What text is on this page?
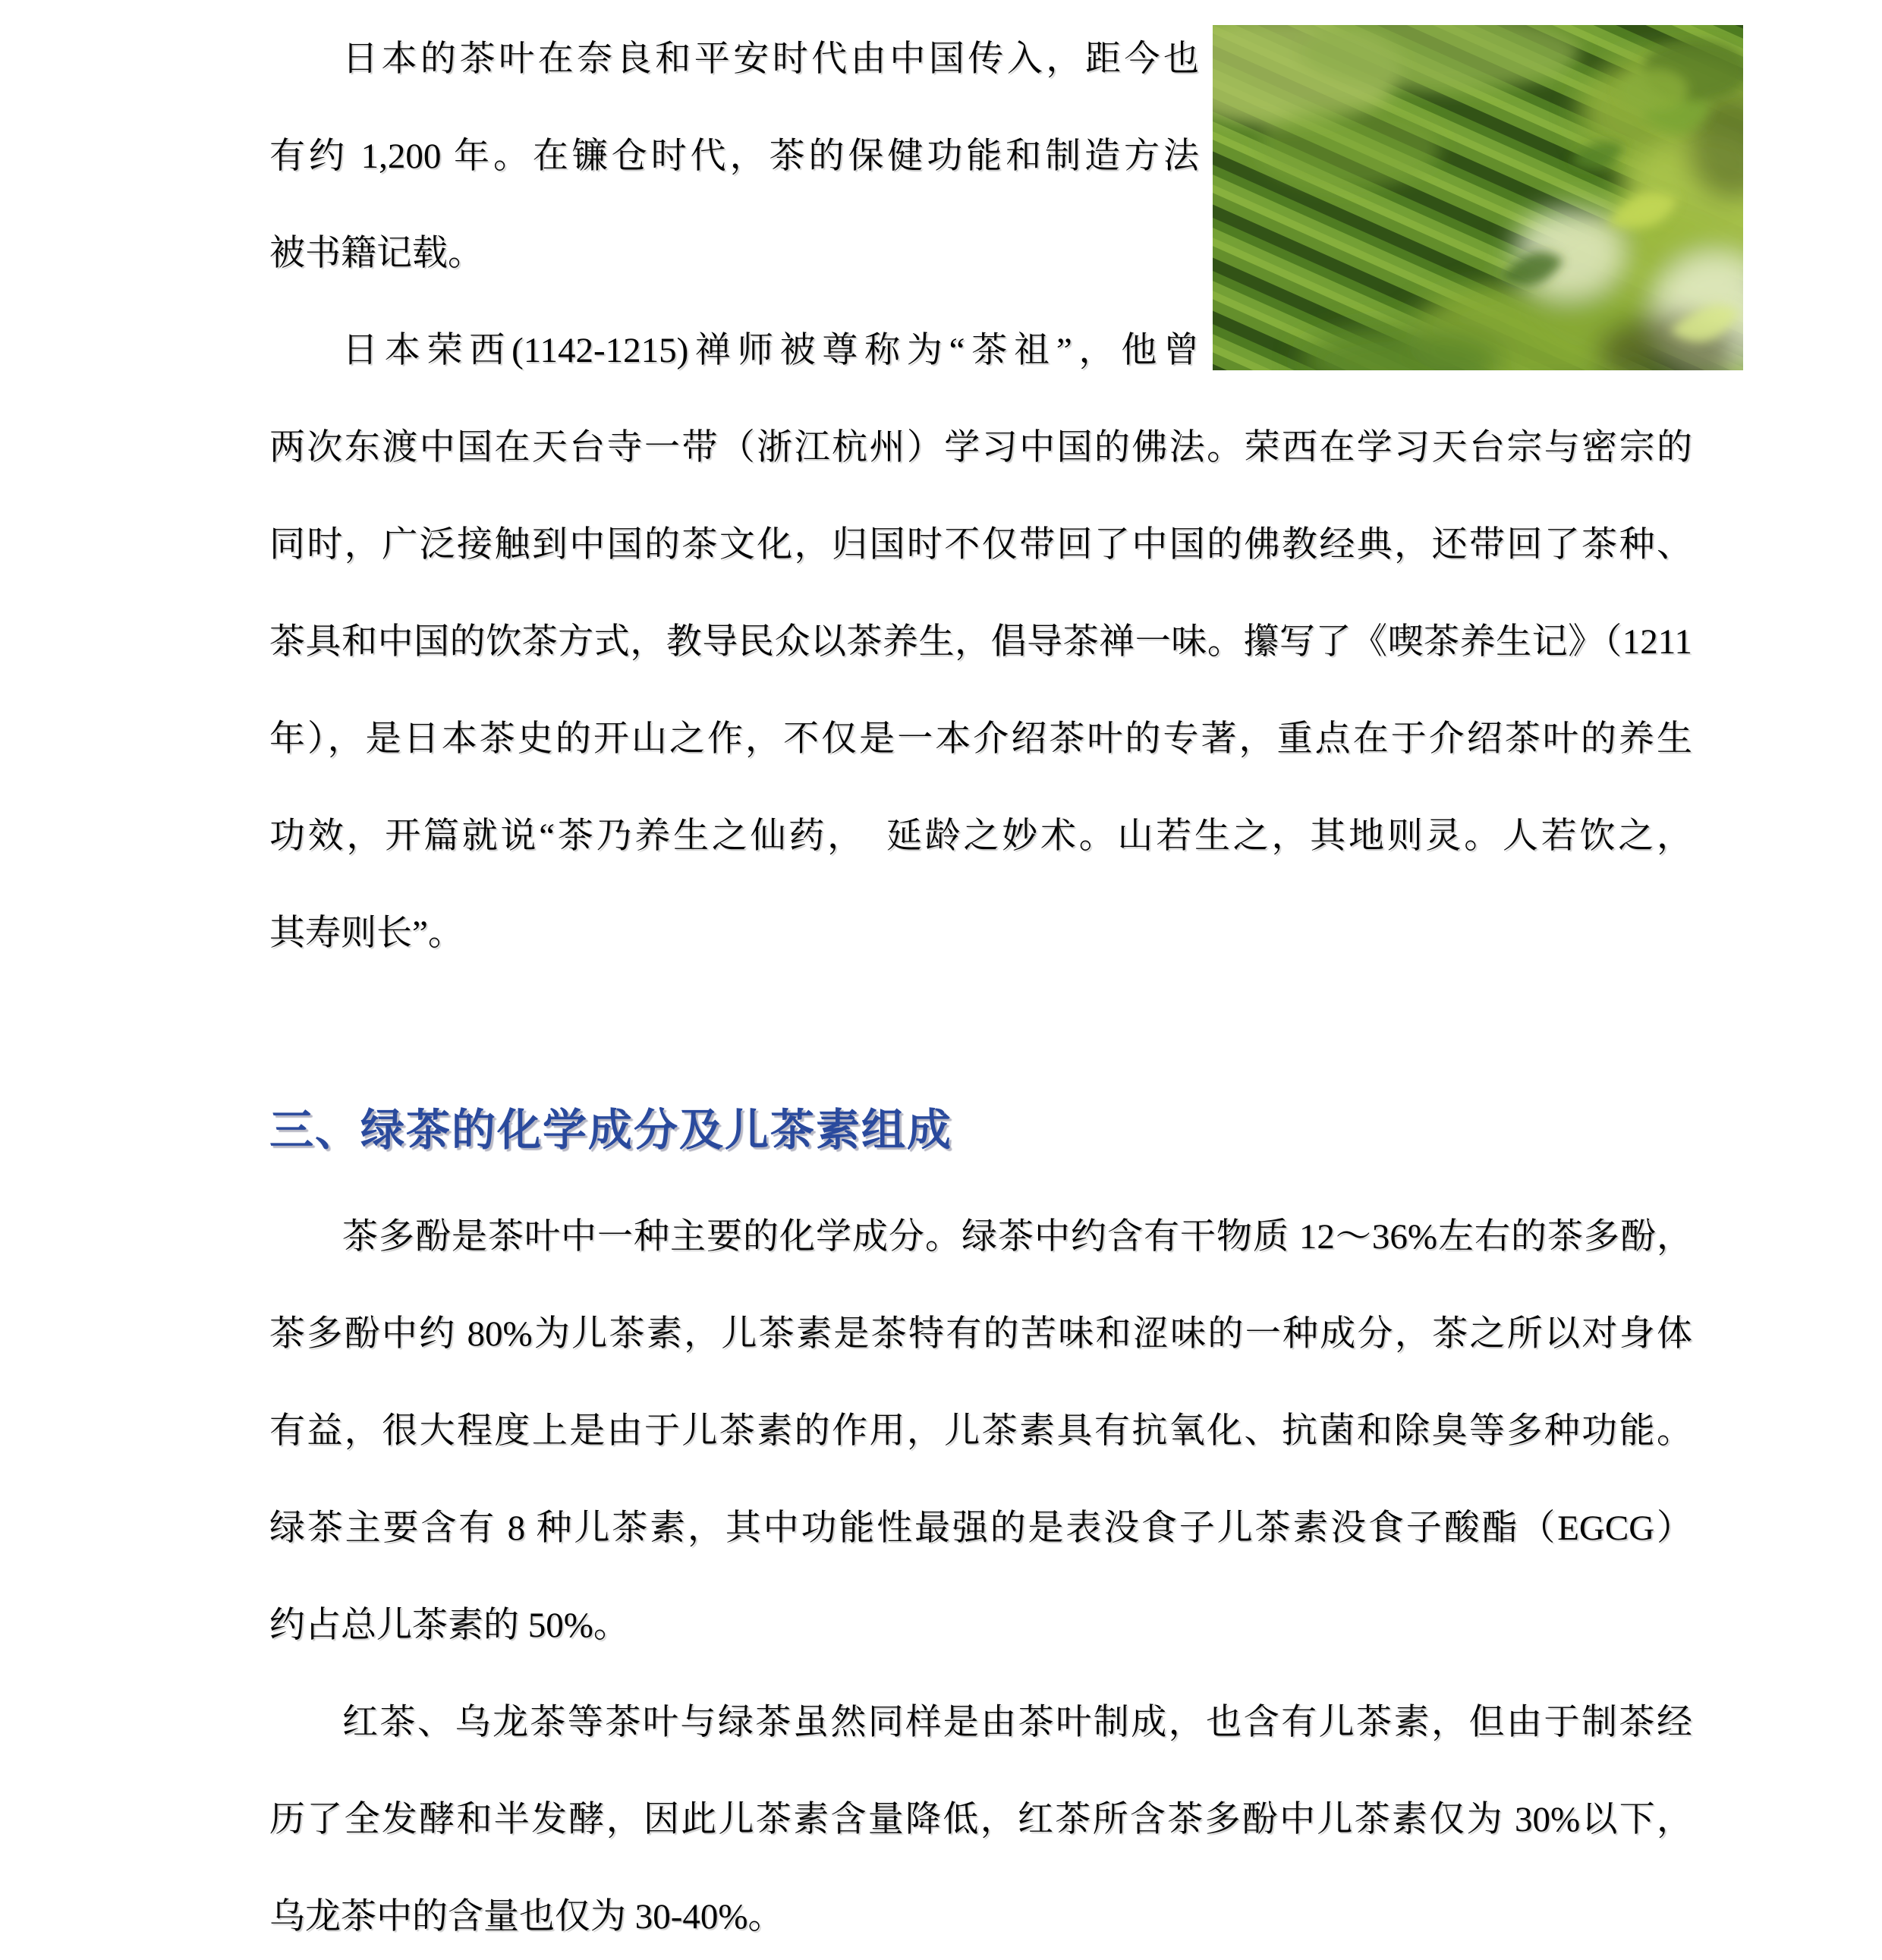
日本的茶叶在奈良和平安时代由中国传入，距今也
有约 1,200 年。在镰仓时代，茶的保健功能和制造方法
被书籍记载。
日本荣西(1142-1215)禅师被尊称为“茶祖”，他曾
两次东渡中国在天台寺一带（浙江杭州）学习中国的佛法。荣西在学习天台宗与密宗的
同时，广泛接触到中国的茶文化，归国时不仅带回了中国的佛教经典，还带回了茶种、
茶具和中国的饮茶方式，教导民众以茶养生，倡导茶禅一味。攥写了《喫茶养生记》（1211
年），是日本茶史的开山之作，不仅是一本介绍茶叶的专著，重点在于介绍茶叶的养生
功效，开篇就说“茶乃养生之仙药，　延龄之妙术。山若生之，其地则灵。人若饮之，
其寿则长”。
三、绿茶的化学成分及儿茶素组成
茶多酚是茶叶中一种主要的化学成分。绿茶中约含有干物质 12～36%左右的茶多酚，
茶多酚中约 80%为儿茶素，儿茶素是茶特有的苦味和涩味的一种成分，茶之所以对身体
有益，很大程度上是由于儿茶素的作用，儿茶素具有抗氧化、抗菌和除臭等多种功能。
绿茶主要含有 8 种儿茶素，其中功能性最强的是表没食子儿茶素没食子酸酯（EGCG）
约占总儿茶素的 50%。
红茶、乌龙茶等茶叶与绿茶虽然同样是由茶叶制成，也含有儿茶素，但由于制茶经
历了全发酵和半发酵，因此儿茶素含量降低，红茶所含茶多酚中儿茶素仅为 30%以下，
乌龙茶中的含量也仅为 30-40%。
